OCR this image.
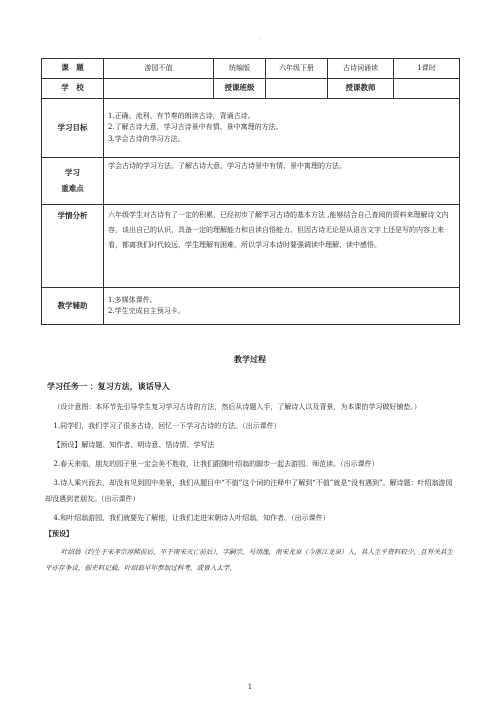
·
课　题	游园不值	统编版	六年级下册	古诗词诵读	1课时
学　校		授课班级		授课教师	
学习目标	1.正确、流利、有节奏的朗读古诗，背诵古诗。

2.了解古诗大意，学习古诗景中有情、景中寓理的方法。

3.学会古诗的学习方法。				

学习
重难点	学会古诗的学习方法。了解古诗大意，学习古诗景中有情、景中寓理的方法。				
学情分析	六年级学生对古诗有了一定的积累，已经初步了解学习古诗的基本方法 ,能够结合自己查阅的资料来理解诗文内容，谈出自己的认识，具备一定的理解能力和自读自悟能力。但因古诗无论是从语言文字上还是写的内容上来看，都离我们时代较远，学生理解有困难，所以学习本诗时要强调读中理解、读中感悟。				
教学辅助	1.多媒体课件。

2.学生完成自主预习卡。				

教学过程
学习任务一 ：复习方法，谈话导入

（设计意图：本环节先引导学生复习学习古诗的方法，然后从诗题入手，了解诗人以及背景，为本课的学习做好铺垫。）

1.同学们，我们学习了很多古诗，回忆一下学习古诗的方法。（出示课件）

【预设】解诗题、知作者、明诗意、悟诗情、学写法

2.春天来临，朋友的园子里一定会美不胜收，让我们跟随叶绍翁的脚步一起去游园。师范读。（出示课件）

3.诗人乘兴而去，却没有见到园中美景，我们从题目中“不值”这个词的注释中了解到“不值”就是“没有遇到”。解诗题：叶绍翁游园却没遇到老朋友。（出示课件）

4.和叶绍翁游园，我们就要先了解他，让我们走进宋朝诗人叶绍翁，知作者。（出示课件）

【预设】

叶绍翁（约生于宋孝宗淳熙前后，卒于南宋灭亡前后），字嗣宗，号靖逸，南宋龙泉（今浙江龙泉）人，其人生平资料较少，且有关其生平亦存争议，据史料记载，叶绍翁早年参加过科考，或曾入太学，

1
